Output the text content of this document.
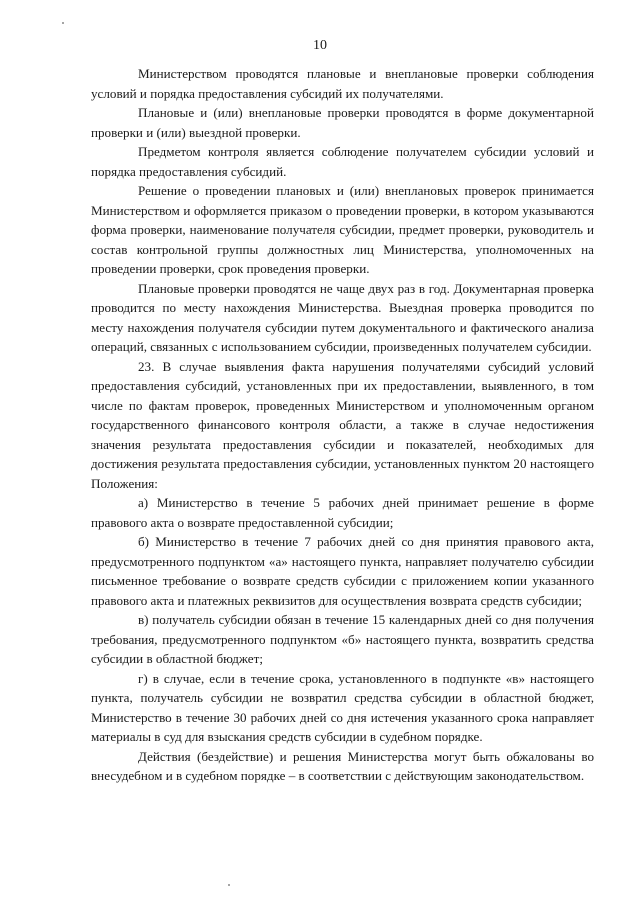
10

Министерством проводятся плановые и внеплановые проверки соблюдения условий и порядка предоставления субсидий их получателями.

Плановые и (или) внеплановые проверки проводятся в форме документарной проверки и (или) выездной проверки.

Предметом контроля является соблюдение получателем субсидии условий и порядка предоставления субсидий.

Решение о проведении плановых и (или) внеплановых проверок принимается Министерством и оформляется приказом о проведении проверки, в котором указываются форма проверки, наименование получателя субсидии, предмет проверки, руководитель и состав контрольной группы должностных лиц Министерства, уполномоченных на проведении проверки, срок проведения проверки.

Плановые проверки проводятся не чаще двух раз в год. Документарная проверка проводится по месту нахождения Министерства. Выездная проверка проводится по месту нахождения получателя субсидии путем документального и фактического анализа операций, связанных с использованием субсидии, произведенных получателем субсидии.

23. В случае выявления факта нарушения получателями субсидий условий предоставления субсидий, установленных при их предоставлении, выявленного, в том числе по фактам проверок, проведенных Министерством и уполномоченным органом государственного финансового контроля области, а также в случае недостижения значения результата предоставления субсидии и показателей, необходимых для достижения результата предоставления субсидии, установленных пунктом 20 настоящего Положения:

а) Министерство в течение 5 рабочих дней принимает решение в форме правового акта о возврате предоставленной субсидии;

б) Министерство в течение 7 рабочих дней со дня принятия правового акта, предусмотренного подпунктом «а» настоящего пункта, направляет получателю субсидии письменное требование о возврате средств субсидии с приложением копии указанного правового акта и платежных реквизитов для осуществления возврата средств субсидии;

в) получатель субсидии обязан в течение 15 календарных дней со дня получения требования, предусмотренного подпунктом «б» настоящего пункта, возвратить средства субсидии в областной бюджет;

г) в случае, если в течение срока, установленного в подпункте «в» настоящего пункта, получатель субсидии не возвратил средства субсидии в областной бюджет, Министерство в течение 30 рабочих дней со дня истечения указанного срока направляет материалы в суд для взыскания средств субсидии в судебном порядке.

Действия (бездействие) и решения Министерства могут быть обжалованы во внесудебном и в судебном порядке – в соответствии с действующим законодательством.
